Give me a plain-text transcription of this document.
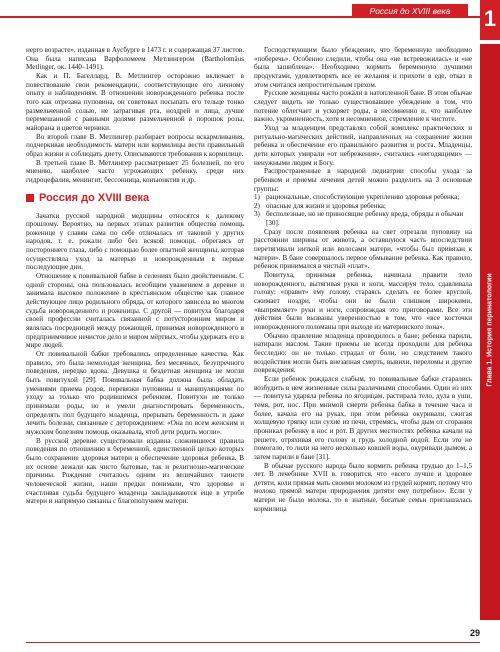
Россия до XVIII века	1
Глава 1. История перинатологии

нерго возрасте», изданная в Аусбурге в 1473 г. и содержащая 37 листов. Она была написана Варфоломеем Метлингером (Bartholomäus Metlinger, ок. 1440–1491).

Как и П. Багеллард, В. Метлингер осторожно включает в повествование свои рекомендации, соответствующие его личному опыту и наблюдениям. В отношении новорожденного ребенка после того как отрезана пуповина, он советовал посыпать его тельце тонко размельченной солью, не затрагивая рта, ноздрей и лица, лучше перемешанной с равными долями размельченной в порошок розы, майорана и цветов черники.

Во второй главе В. Метлингер разбирает вопросы вскармливания, подчеркивая необходимость матери или кормилицы вести правильный образ жизни и соблюдать диету. Описываются требования к кормилице.

В третьей главе В. Метлингер рассматривает 25 болезней, по его мнению, наиболее часто угрожающих ребенку, среди них гидроцефалия, менингит, бессонница, конъюнктив и др.

Россия до XVIII века

Зачатки русской народной медицины относятся к далекому прошлому. Вероятно, на первых этапах развития общества помощь роженице у славян сама по себе отличалась от таковой у других народов, т. е. рожали либо без всякой помощи, обрегаясь от постороннего глаза, либо с помощью более опытной женщины, которая осуществляла уход за матерью и новорожденным в первые последующие дни.

Отношение к повивальной бабке в селениях было двойственным. С одной стороны, она пользовалась всеобщим уважением в деревне и занимала высокое положение в крестьянском обществе как главное действующее лицо родильного обряда, от которого зависела во многом судьба новорожденного и роженицы. С другой — повитуха благодаря своей профессии считалась связанной с потусторонним миром и являлась посредницей между рожающей, принимая новорожденного в предприимчивое нечистое дело и миром мёртвых, чтобы удержать его в мире людей.

От повивальной бабки требовались определенные качества. Как правило, это была немолодая женщина, без месячных, безупречного поведения, нередко вдова. Девушка и бездетная женщина не могли быть повитухой [29]. Повивальная бабка должна была обладать умениями приема родов, перевязки пуповины и манипуляциями по уходу за только что родившимся ребенком. Повитухи не только принимали роды, но и умели диагностировать беременность, определять пол будущего младенца, прерывать беременность и даже лечить болезни, связанные с деторождением: «Она по всем женским и мужским болезням помощь оказывала, чтоб дети родить могли».

В русской деревне существовали издавна сложившиеся правила поведения по отношению к беременной, единственной целью которых было сохранение здоровья матери и обеспечение здоровья ребенка. В их основе лежали как чисто бытовые, так и религиозно-магические причины. Рождение считалось одним из величайших таинств человеческой жизни, наши предки понимали, что здоровье и счастливая судьба будущего младенца закладываются еще в утробе матери и напрямую связаны с благополучием матери.

Господствующим было убеждение, что беременную необходимо «поберечь». Особенно следили, чтобы она «не встревожилась» и «не была зашиблена». Необходимо кормить беременную лучшими продуктами, удовлетворять все ее желания и прихоти в еде, отказ в этом считался непростительным грехом.

Русские женщины часто рожали в натопленной бане. В этом обычае следует видеть не только существовавшее убеждение в том, что потение облегчает и ускоряет роды, а несомненно и, что наиболее важно, укромненность, хотя и несомненное, стремление к чистоте.

Уход за младенцем представлял собой комплекс практических и ритуально-магических действий, направленных на сохранение жизни ребенка и обеспечение его правильного развития и роста. Младенцы, дети которых умирали «от небрежения», считались «негодящими» — ненужными людям и Богу.

Распространенные в народной педиатрии способы ухода за ребенком и приемы лечения детей можно разделить на 3 основные группы:

1) рациональные, способствующие укреплению здоровья ребенка;
2) опасные для жизни и здоровья ребенка;
3) бесполезные, но не приносящие ребенку вреда, обряды и обычаи [30].

Сразу после появления ребенка на свет отрезали пуповину на расстоянии ширины от живота, а оставшуюся часть впоследствии перетягивали ниткой или волосами матери, «чтобы был привязан к матери». В бане совершалось первое обмывание ребенка. Как правило, ребенок принимался в чистый «плат».

Повитуха, принимая ребенка, начинала правити тело новорожденного, вытягивая руки и ноги, массируя тело, сдавливала голову: «правит» ему голову, стараясь сделать ее более круглой, сжимает ноздри, чтобы они не были слишком широкими, «выпрямляет» руки и ноги, сопровождая это приговорами. Все эти действия были вызваны уверенностью в том, что «все косточки новорожденного поломаны при выходе из материнского лона».

Обычно правление младенца проводилось в бане; ребенка парили, натирали маслом. Такие приемы не всегда проходили для ребенка бесследно: он не только страдал от боли, но следствием такого воздействия могли быть внезапная смерть, вывихи, переломы и другие повреждения.

Если ребенок рождался слабым, то повивальные бабки старались возбудить в нем жизненные силы различными способами. Один из них — повитуха ударяла ребенка по ягодицам, растирала тело, дула в уши, темя, рот, нос. При мнимой смерти ребенка бабка в течение часа и более, качала его на руках, при этом ребенка окуривали, сжигая холщевую тряпку или сухие из печи, стремясь, чтобы дым от сгорания проникал ребенку в нос и рот. В других местностях ребенка качали на решете, отряхивая его голову и грудь холодной водой. Если это не помогало, то лили на него несколько ковшей воды, окуривали дымом, а затем парили в бане [31].

В обычае русского народа было кормить ребенка грудью до 1–1,5 лет. В лечебнике XVII в. говорится, что «всего лучше и здоровее детяти, коли прямая мать своими молоком из грудей кормит, потому что молоко прямой матери природнения дитяти ему потребно». Если у матери не было молока, то в знатные, богатые семьи приглашалась кормилица

29
